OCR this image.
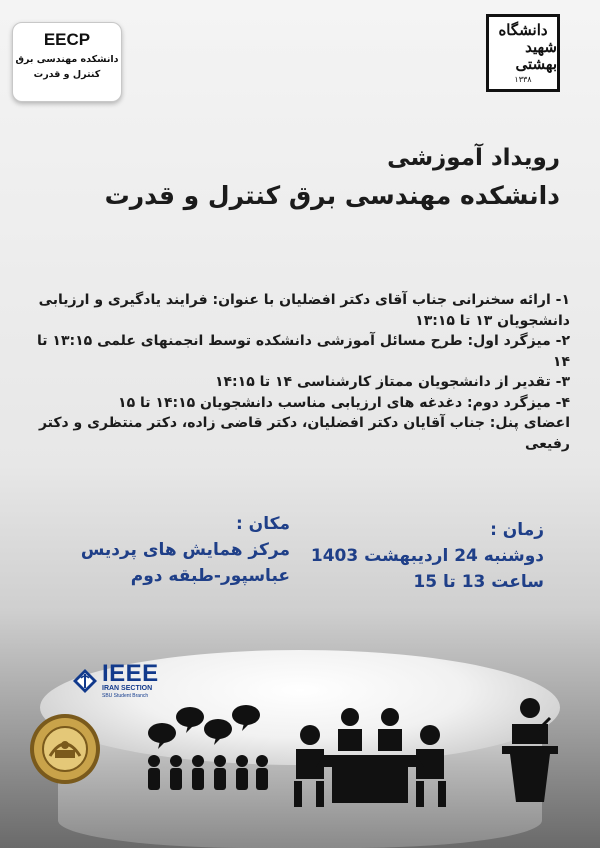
EECP
دانشکده مهندسی برق
کنترل و قدرت
دانشگاه
شهید بهشتی
۱۳۳۸
رویداد آموزشی
دانشکده مهندسی برق کنترل و قدرت

۱- ارائه سخنرانی جناب آقای دکتر افضلیان با عنوان: فرایند یادگیری و ارزیابی دانشجویان ۱۳ تا ۱۳:۱۵

۲- میزگرد اول: طرح مسائل آموزشی دانشکده توسط انجمنهای علمی ۱۳:۱۵ تا ۱۴

۳- تقدیر از دانشجویان ممتاز کارشناسی ۱۴ تا ۱۴:۱۵

۴- میزگرد دوم: دغدغه های ارزیابی مناسب دانشجویان ۱۴:۱۵ تا ۱۵

اعضای پنل: جناب آقایان دکتر افضلیان، دکتر قاضی زاده، دکتر منتظری و دکتر رفیعی

مکان :
مرکز همایش های پردیس
عباسپور-طبقه دوم
زمان :
دوشنبه 24 اردیبهشت 1403
ساعت 13 تا 15
IEEE
IRAN SECTION
SBU Student Branch
